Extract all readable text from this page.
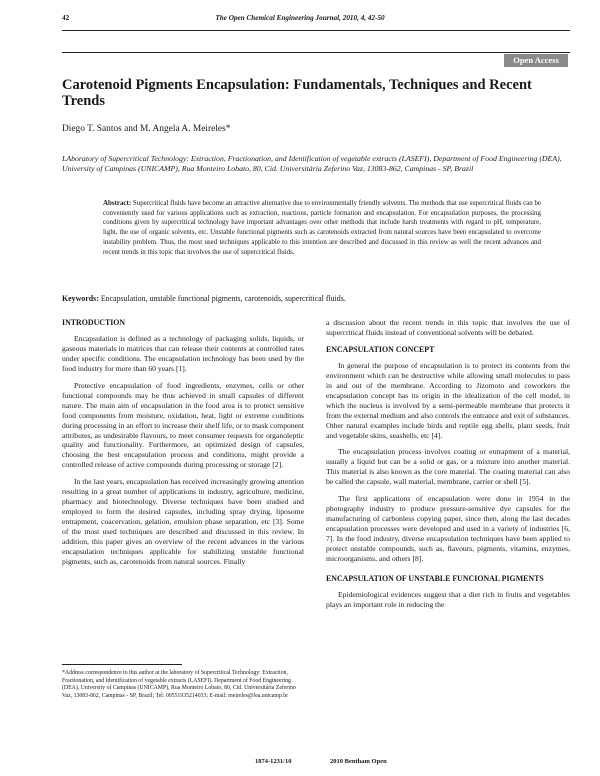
42	The Open Chemical Engineering Journal, 2010, 4, 42-50
Open Access
Carotenoid Pigments Encapsulation: Fundamentals, Techniques and Recent Trends
Diego T. Santos and M. Angela A. Meireles*
LAboratory of Supercritical Technology: Extraction, Fractionation, and Identification of vegetable extracts (LASEFI), Department of Food Engineering (DEA), University of Campinas (UNICAMP), Rua Monteiro Lobato, 80, Cid. Universitária Zeferino Vaz, 13083-862, Campinas - SP, Brazil
Abstract: Supercritical fluids have become an attractive alternative due to environmentally friendly solvents. The methods that use supercritical fluids can be conveniently used for various applications such as extraction, reactions, particle formation and encapsulation. For encapsulation purposes, the processing conditions given by supercritical technology have important advantages over other methods that include harsh treatments with regard to pH, temperature, light, the use of organic solvents, etc. Unstable functional pigments such as carotenoids extracted from natural sources have been encapsulated to overcome instability problem. Thus, the most used techniques applicable to this intention are described and discussed in this review as well the recent advances and recent trends in this topic that involves the use of supercritical fluids.
Keywords: Encapsulation, unstable functional pigments, carotenoids, supercritical fluids.
INTRODUCTION

Encapsulation is defined as a technology of packaging solids, liquids, or gaseous materials in matrices that can release their contents at controlled rates under specific conditions. The encapsulation technology has been used by the food industry for more than 60 years [1].

Protective encapsulation of food ingredients, enzymes, cells or other functional compounds may be thus achieved in small capsules of different nature. The main aim of encapsulation in the food area is to protect sensitive food components from moisture, oxidation, heat, light or extreme conditions during processing in an effort to increase their shelf life, or to mask component attributes, as undesirable flavours, to meet consumer requests for organoleptic quality and functionality. Furthermore, an optimized design of capsules, choosing the best encapsulation process and conditions, might provide a controlled release of active compounds during processing or storage [2].

In the last years, encapsulation has received increasingly growing attention resulting in a great number of applications in industry, agriculture, medicine, pharmacy and biotechnology. Diverse techniques have been studied and employed to form the desired capsules, including spray drying, liposome entrapment, coacervation, gelation, emulsion phase separation, etc [3]. Some of the most used techniques are described and discussed in this review. In addition, this paper gives an overview of the recent advances in the various encapsulation techniques applicable for stabilizing unstable functional pigments, such as, carotenoids from natural sources. Finally

*Address correspondence to this author at the laboratory of Supercritical Technology: Extraction, Fractionation, and Identification of vegetable extracts (LASEFI). Department of Food Engineering (DEA), University of Campinas (UNICAMP), Rua Monteiro Lobato, 80, Cid. Universitária Zeferino Vaz, 13083-862, Campinas - SP, Brazil; Tel: 00551935214033; E-mail: meireles@fea.unicamp.br

a discussion about the recent trends in this topic that involves the use of supercritical fluids instead of conventional solvents will be debated.

ENCAPSULATION CONCEPT

In general the purpose of encapsulation is to protect its contents from the environment which can be destructive while allowing small molecules to pass in and out of the membrane. According to Jizomoto and coworkers the encapsulation concept has its origin in the idealization of the cell model, in which the nucleus is involved by a semi-permeable membrane that protects it from the external medium and also controls the entrance and exit of substances. Other natural examples include birds and reptile egg shells, plant seeds, fruit and vegetable skins, seashells, etc [4].

The encapsulation process involves coating or entrapment of a material, usually a liquid but can be a solid or gas, or a mixture into another material. This material is also known as the core material. The coating material can also be called the capsule, wall material, membrane, carrier or shell [5].

The first applications of encapsulation were done in 1954 in the photography industry to produce pressure-sensitive dye capsules for the manufacturing of carbonless copying paper, since then, along the last decades encapsulation processes were developed and used in a variety of industries [6, 7]. In the food industry, diverse encapsulation techniques have been applied to protect unstable compounds, such as, flavours, pigments, vitamins, enzymes, microorganisms, and others [8].

ENCAPSULATION OF UNSTABLE FUNCIONAL PIGMENTS

Epidemiological evidences suggest that a diet rich in fruits and vegetables plays an important role in reducing the

1874-1231/10	2010 Bentham Open
